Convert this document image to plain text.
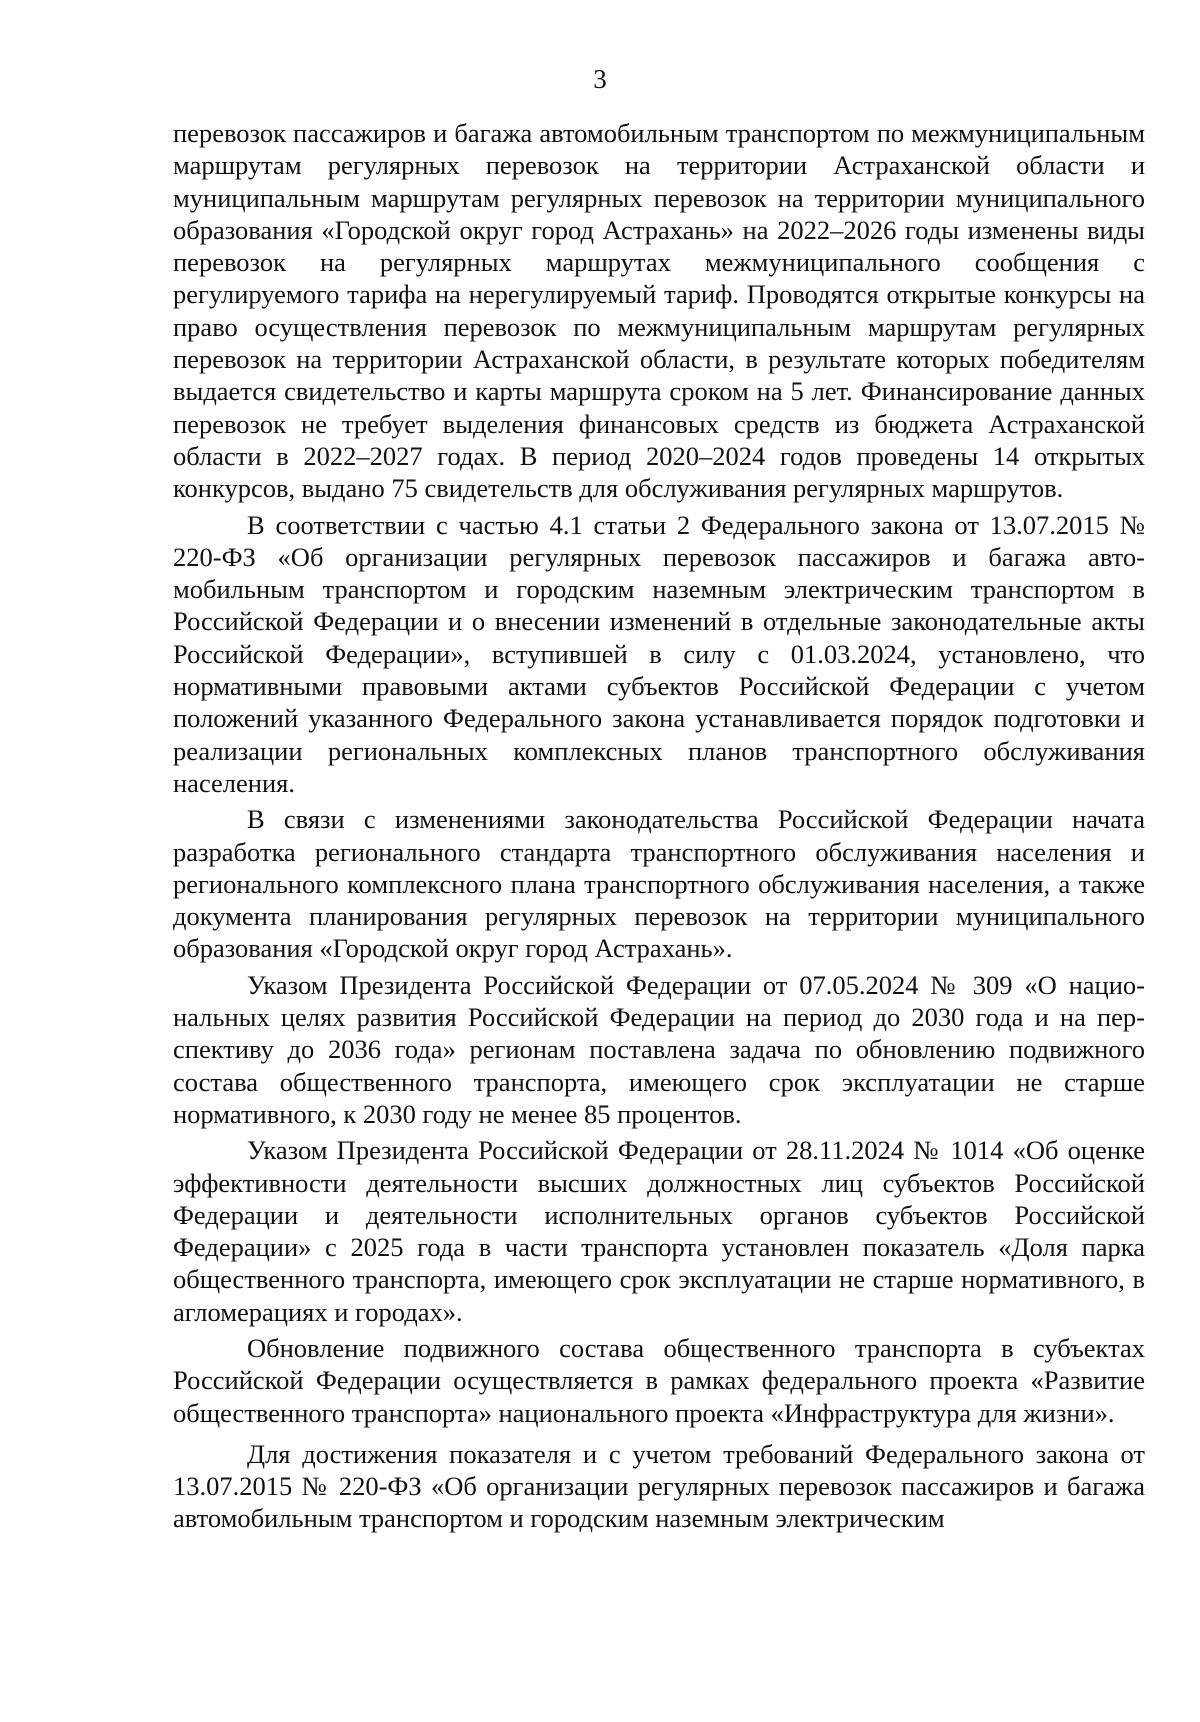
3

перевозок пассажиров и багажа автомобильным транспортом по межмуниципальным маршрутам регулярных перевозок на территории Астраханской области и муниципальным маршрутам регулярных перевозок на территории муниципального образования «Городской округ город Астрахань» на 2022–2026 годы изменены виды перевозок на регулярных маршрутах межмуниципального сообщения с регулируемого тарифа на нерегулируемый тариф. Проводятся открытые конкурсы на право осуществления перевозок по межмуниципальным маршрутам регулярных перевозок на территории Астраханской области, в результате которых победителям выдается свидетельство и карты маршрута сроком на 5 лет. Финансирование данных перевозок не требует выделения финансовых средств из бюджета Астраханской области в 2022–2027 годах. В период 2020–2024 годов проведены 14 открытых конкурсов, выдано 75 свидетельств для обслуживания регулярных маршрутов.

В соответствии с частью 4.1 статьи 2 Федерального закона от 13.07.2015 № 220-ФЗ «Об организации регулярных перевозок пассажиров и багажа автомобильным транспортом и городским наземным электрическим транспортом в Российской Федерации и о внесении изменений в отдельные законодательные акты Российской Федерации», вступившей в силу с 01.03.2024, установлено, что нормативными правовыми актами субъектов Российской Федерации с учетом положений указанного Федерального закона устанавливается порядок подготовки и реализации региональных комплексных планов транспортного обслуживания населения.

В связи с изменениями законодательства Российской Федерации начата разработка регионального стандарта транспортного обслуживания населения и регионального комплексного плана транспортного обслуживания населения, а также документа планирования регулярных перевозок на территории муниципального образования «Городской округ город Астрахань».

Указом Президента Российской Федерации от 07.05.2024 № 309 «О национальных целях развития Российской Федерации на период до 2030 года и на перспективу до 2036 года» регионам поставлена задача по обновлению подвижного состава общественного транспорта, имеющего срок эксплуатации не старше нормативного, к 2030 году не менее 85 процентов.

Указом Президента Российской Федерации от 28.11.2024 № 1014 «Об оценке эффективности деятельности высших должностных лиц субъектов Российской Федерации и деятельности исполнительных органов субъектов Российской Федерации» с 2025 года в части транспорта установлен показатель «Доля парка общественного транспорта, имеющего срок эксплуатации не старше нормативного, в агломерациях и городах».

Обновление подвижного состава общественного транспорта в субъектах Российской Федерации осуществляется в рамках федерального проекта «Развитие общественного транспорта» национального проекта «Инфраструктура для жизни».

Для достижения показателя и с учетом требований Федерального закона от 13.07.2015 № 220-ФЗ «Об организации регулярных перевозок пассажиров и багажа автомобильным транспортом и городским наземным электрическим
